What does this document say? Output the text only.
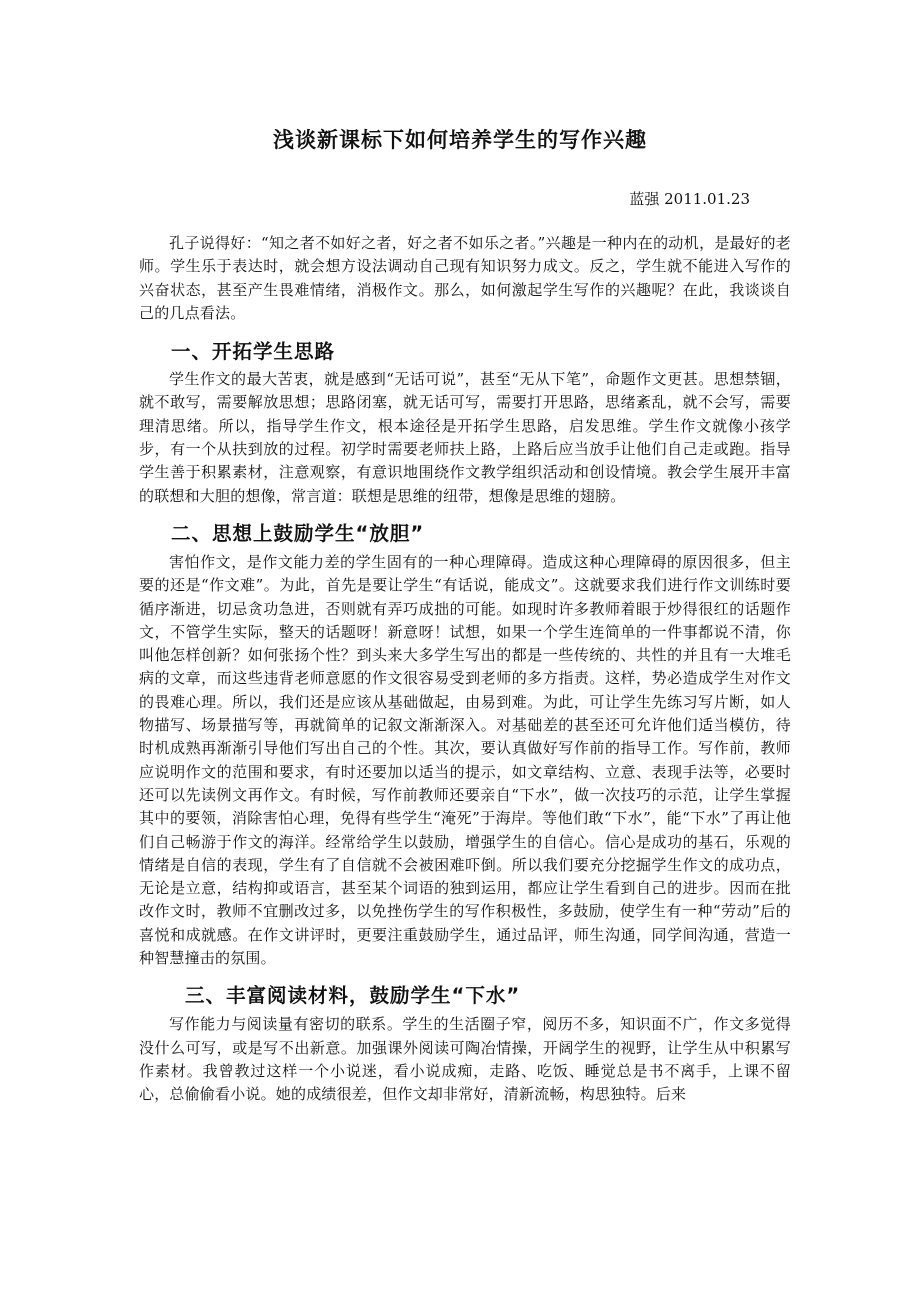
浅谈新课标下如何培养学生的写作兴趣

蓝强 2011.01.23

孔子说得好：“知之者不如好之者，好之者不如乐之者。”兴趣是一种内在的动机，是最好的老师。学生乐于表达时，就会想方设法调动自己现有知识努力成文。反之，学生就不能进入写作的兴奋状态，甚至产生畏难情绪，消极作文。那么，如何激起学生写作的兴趣呢？在此，我谈谈自己的几点看法。

一、开拓学生思路

学生作文的最大苦衷，就是感到“无话可说”，甚至“无从下笔”，命题作文更甚。思想禁锢，就不敢写，需要解放思想；思路闭塞，就无话可写，需要打开思路，思绪紊乱，就不会写，需要理清思绪。所以，指导学生作文，根本途径是开拓学生思路，启发思维。学生作文就像小孩学步，有一个从扶到放的过程。初学时需要老师扶上路，上路后应当放手让他们自己走或跑。指导学生善于积累素材，注意观察，有意识地围绕作文教学组织活动和创设情境。教会学生展开丰富的联想和大胆的想像，常言道：联想是思维的纽带，想像是思维的翅膀。

二、思想上鼓励学生“放胆”

害怕作文，是作文能力差的学生固有的一种心理障碍。造成这种心理障碍的原因很多，但主要的还是“作文难”。为此，首先是要让学生“有话说，能成文”。这就要求我们进行作文训练时要循序渐进，切忌贪功急进，否则就有弄巧成拙的可能。如现时许多教师着眼于炒得很红的话题作文，不管学生实际，整天的话题呀！新意呀！试想，如果一个学生连简单的一件事都说不清，你叫他怎样创新？如何张扬个性？到头来大多学生写出的都是一些传统的、共性的并且有一大堆毛病的文章，而这些违背老师意愿的作文很容易受到老师的多方指责。这样，势必造成学生对作文的畏难心理。所以，我们还是应该从基础做起，由易到难。为此，可让学生先练习写片断，如人物描写、场景描写等，再就简单的记叙文渐渐深入。对基础差的甚至还可允许他们适当模仿，待时机成熟再渐渐引导他们写出自己的个性。其次，要认真做好写作前的指导工作。写作前，教师应说明作文的范围和要求，有时还要加以适当的提示，如文章结构、立意、表现手法等，必要时还可以先读例文再作文。有时候，写作前教师还要亲自“下水”，做一次技巧的示范，让学生掌握其中的要领，消除害怕心理，免得有些学生“淹死”于海岸。等他们敢“下水”，能“下水”了再让他们自己畅游于作文的海洋。经常给学生以鼓励，增强学生的自信心。信心是成功的基石，乐观的情绪是自信的表现，学生有了自信就不会被困难吓倒。所以我们要充分挖掘学生作文的成功点，无论是立意，结构抑或语言，甚至某个词语的独到运用，都应让学生看到自己的进步。因而在批改作文时，教师不宜删改过多，以免挫伤学生的写作积极性，多鼓励，使学生有一种“劳动”后的喜悦和成就感。在作文讲评时，更要注重鼓励学生，通过品评，师生沟通，同学间沟通，营造一种智慧撞击的氛围。

三、丰富阅读材料，鼓励学生“下水”

写作能力与阅读量有密切的联系。学生的生活圈子窄，阅历不多，知识面不广，作文多觉得没什么可写，或是写不出新意。加强课外阅读可陶冶情操，开阔学生的视野，让学生从中积累写作素材。我曾教过这样一个小说迷，看小说成痴，走路、吃饭、睡觉总是书不离手，上课不留心，总偷偷看小说。她的成绩很差，但作文却非常好，清新流畅，构思独特。后来
